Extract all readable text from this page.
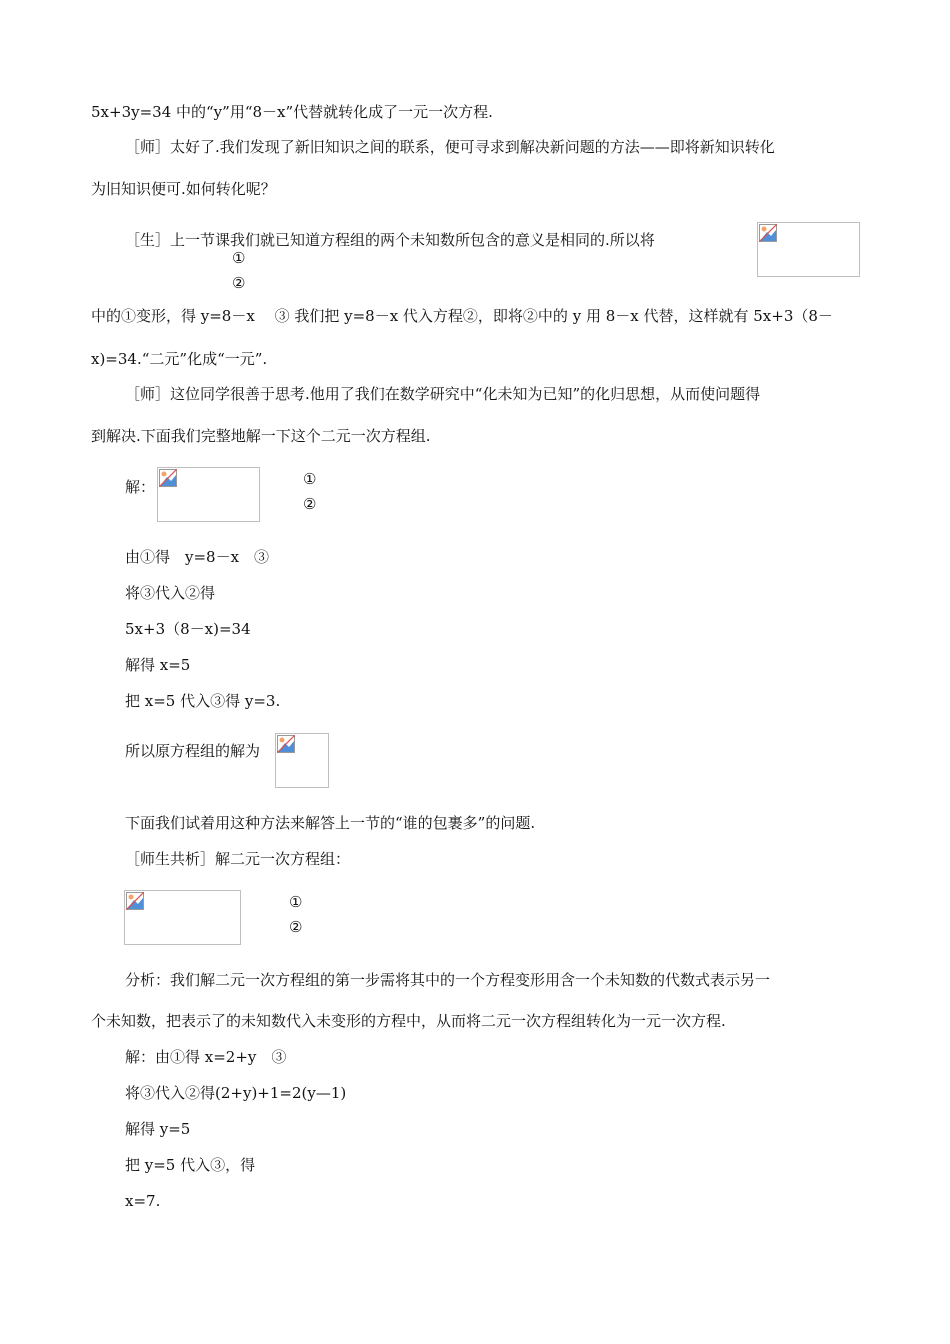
5x+3y=34 中的“y”用“8－x”代替就转化成了一元一次方程.
［师］太好了.我们发现了新旧知识之间的联系，便可寻求到解决新问题的方法——即将新知识转化
为旧知识便可.如何转化呢？
［生］上一节课我们就已知道方程组的两个未知数所包含的意义是相同的.所以将
①
②
中的①变形，得 y=8－x　 ③ 我们把 y=8－x 代入方程②，即将②中的 y 用 8－x 代替，这样就有 5x+3（8－
x)=34.“二元”化成“一元”.
［师］这位同学很善于思考.他用了我们在数学研究中“化未知为已知”的化归思想，从而使问题得
到解决.下面我们完整地解一下这个二元一次方程组.
解：	①
②
由①得　y=8－x　③
将③代入②得
5x+3（8－x)=34
解得 x=5
把 x=5 代入③得 y=3.
所以原方程组的解为
下面我们试着用这种方法来解答上一节的“谁的包裹多”的问题.
［师生共析］解二元一次方程组：
①
②
分析：我们解二元一次方程组的第一步需将其中的一个方程变形用含一个未知数的代数式表示另一
个未知数，把表示了的未知数代入未变形的方程中，从而将二元一次方程组转化为一元一次方程.
解：由①得 x=2+y　③
将③代入②得(2+y)+1=2(y—1)
解得 y=5
把 y=5 代入③，得
x=7.
